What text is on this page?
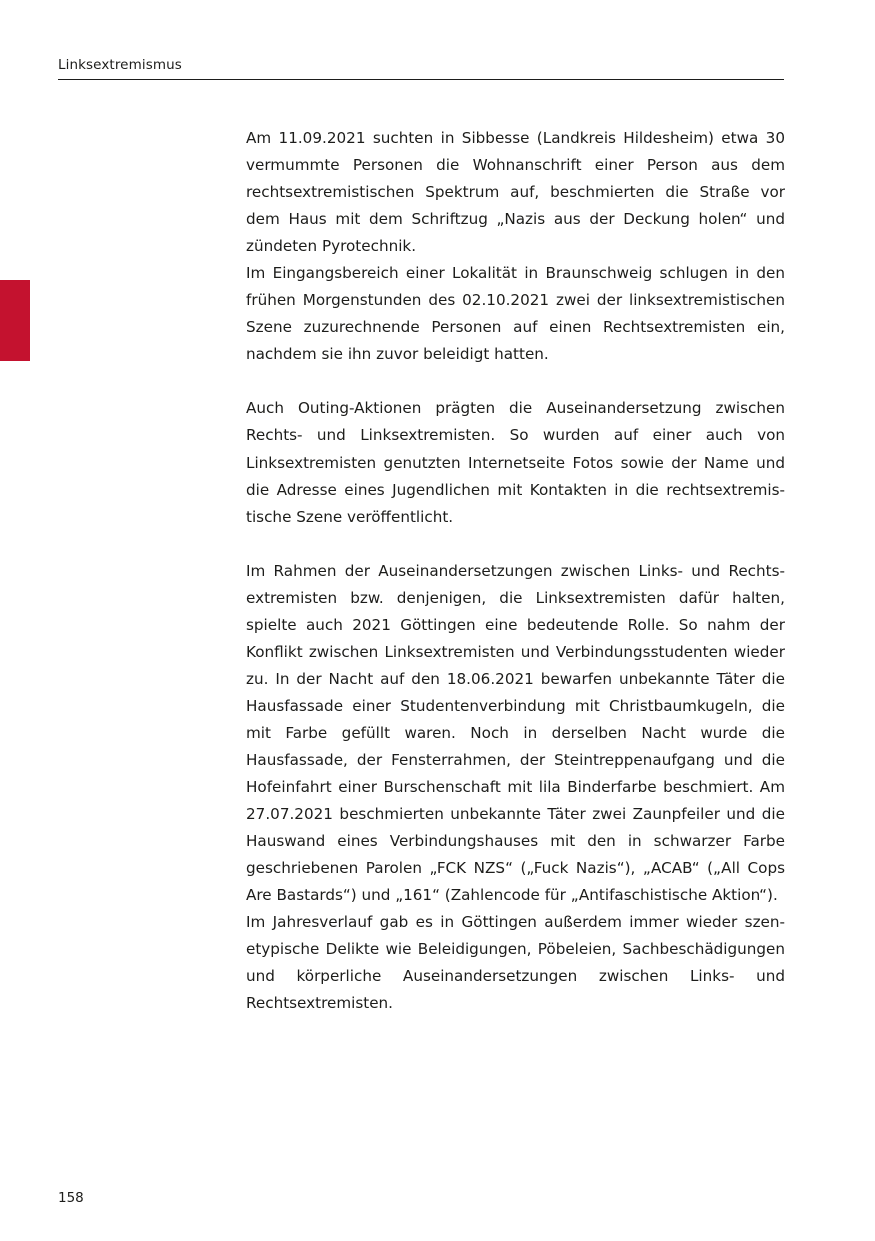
Linksextremismus

Am 11.09.2021 suchten in Sibbesse (Landkreis Hildesheim) etwa 30 vermummte Personen die Wohnanschrift einer Person aus dem rechtsextremistischen Spektrum auf, beschmierten die Straße vor dem Haus mit dem Schriftzug „Nazis aus der Deckung holen“ und zündeten Pyrotechnik.

Im Eingangsbereich einer Lokalität in Braunschweig schlugen in den frühen Morgenstunden des 02.10.2021 zwei der linksextremistischen Szene zuzurechnende Personen auf einen Rechtsextremisten ein, nachdem sie ihn zuvor beleidigt hatten.

Auch Outing-Aktionen prägten die Auseinandersetzung zwischen Rechts- und Linksextremisten. So wurden auf einer auch von Linksextremisten genutzten Internetseite Fotos sowie der Name und die Adresse eines Jugendlichen mit Kontakten in die rechtsextremistische Szene veröffentlicht.

Im Rahmen der Auseinandersetzungen zwischen Links- und Rechtsextremisten bzw. denjenigen, die Linksextremisten dafür halten, spielte auch 2021 Göttingen eine bedeutende Rolle. So nahm der Konflikt zwischen Linksextremisten und Verbindungsstudenten wieder zu. In der Nacht auf den 18.06.2021 bewarfen unbekannte Täter die Hausfassade einer Studentenverbindung mit Christbaumkugeln, die mit Farbe gefüllt waren. Noch in derselben Nacht wurde die Hausfassade, der Fensterrahmen, der Steintreppenaufgang und die Hofeinfahrt einer Burschenschaft mit lila Binderfarbe beschmiert. Am 27.07.2021 beschmierten unbekannte Täter zwei Zaunpfeiler und die Hauswand eines Verbindungshauses mit den in schwarzer Farbe geschriebenen Parolen „FCK NZS“ („Fuck Nazis“), „ACAB“ („All Cops Are Bastards“) und „161“ (Zahlencode für „Antifaschistische Aktion“).

Im Jahresverlauf gab es in Göttingen außerdem immer wieder szenetypische Delikte wie Beleidigungen, Pöbeleien, Sachbeschädigungen und körperliche Auseinandersetzungen zwischen Links- und Rechtsextremisten.

158
